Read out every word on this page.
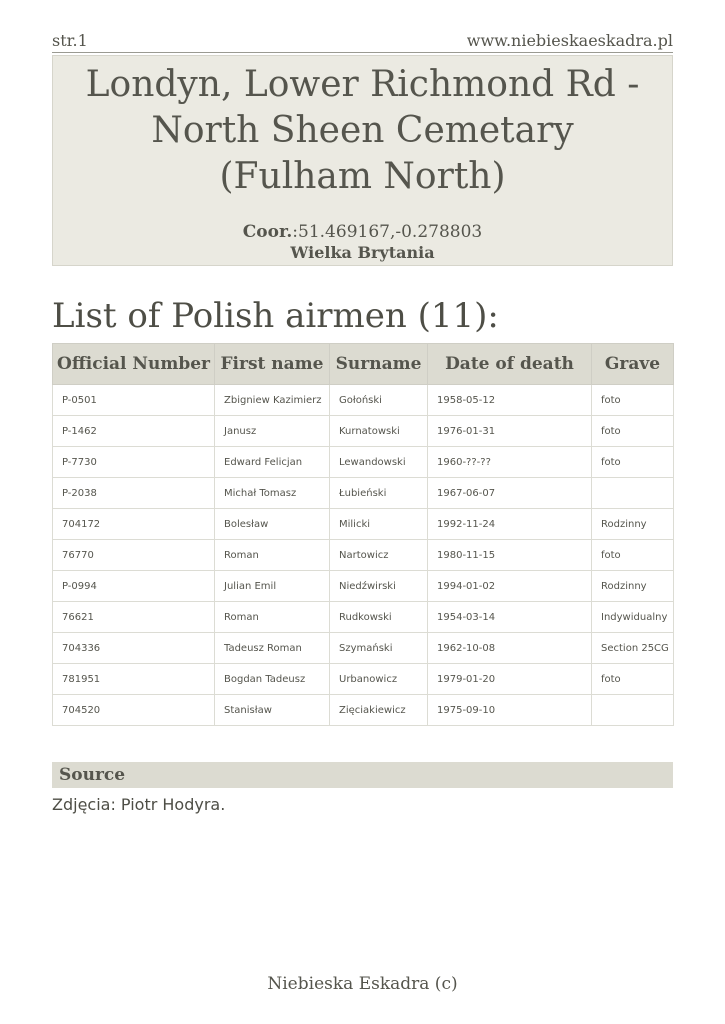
str.1	www.niebieskaeskadra.pl
Londyn, Lower Richmond Rd - North Sheen Cemetary (Fulham North)
Coor.:51.469167,-0.278803
Wielka Brytania
List of Polish airmen (11):
Official Number	First name	Surname	Date of death	Grave
P-0501	Zbigniew Kazimierz	Gołoński	1958-05-12	foto
P-1462	Janusz	Kurnatowski	1976-01-31	foto
P-7730	Edward Felicjan	Lewandowski	1960-??-??	foto
P-2038	Michał Tomasz	Łubieński	1967-06-07	
704172	Bolesław	Milicki	1992-11-24	Rodzinny
76770	Roman	Nartowicz	1980-11-15	foto
P-0994	Julian Emil	Niedźwirski	1994-01-02	Rodzinny
76621	Roman	Rudkowski	1954-03-14	Indywidualny
704336	Tadeusz Roman	Szymański	1962-10-08	Section 25CG
781951	Bogdan Tadeusz	Urbanowicz	1979-01-20	foto
704520	Stanisław	Zięciakiewicz	1975-09-10	
Source
Zdjęcia: Piotr Hodyra.
Niebieska Eskadra (c)
